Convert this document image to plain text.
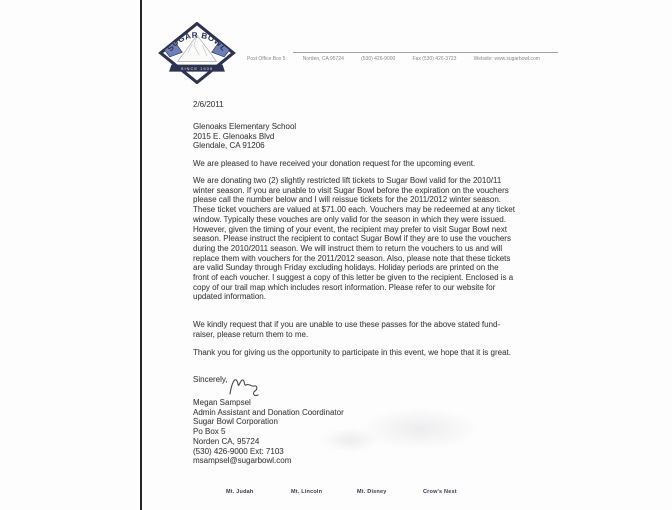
SUGAR BOWL
SINCE 1939
Post Office Box 5	Norden, CA 95724	(530) 426-9000	Fax (530) 426-3723	Website: www.sugarbowl.com
2/6/2011
Glenoaks Elementary School
2015 E. Glenoaks Blvd
Glendale, CA 91206
We are pleased to have received your donation request for the upcoming event.
We are donating two (2) slightly restricted lift tickets to Sugar Bowl valid for the 2010/11 winter season. If you are unable to visit Sugar Bowl before the expiration on the vouchers please call the number below and I will reissue tickets for the 2011/2012 winter season. These ticket vouchers are valued at $71.00 each. Vouchers may be redeemed at any ticket window. Typically these vouches are only valid for the season in which they were issued. However, given the timing of your event, the recipient may prefer to visit Sugar Bowl next season. Please instruct the recipient to contact Sugar Bowl if they are to use the vouchers during the 2010/2011 season. We will instruct them to return the vouchers to us and will replace them with vouchers for the 2011/2012 season. Also, please note that these tickets are valid Sunday through Friday excluding holidays. Holiday periods are printed on the front of each voucher. I suggest a copy of this letter be given to the recipient. Enclosed is a copy of our trail map which includes resort information. Please refer to our website for updated information.
We kindly request that if you are unable to use these passes for the above stated fund-raiser, please return them to me.
Thank you for giving us the opportunity to participate in this event, we hope that it is great.
Sincerely,
Megan Sampsel
Admin Assistant and Donation Coordinator
Sugar Bowl Corporation
Po Box 5
Norden CA, 95724
(530) 426-9000 Ext: 7103
msampsel@sugarbowl.com
Mt. Judah	Mt. Lincoln	Mt. Disney	Crow's Nest
